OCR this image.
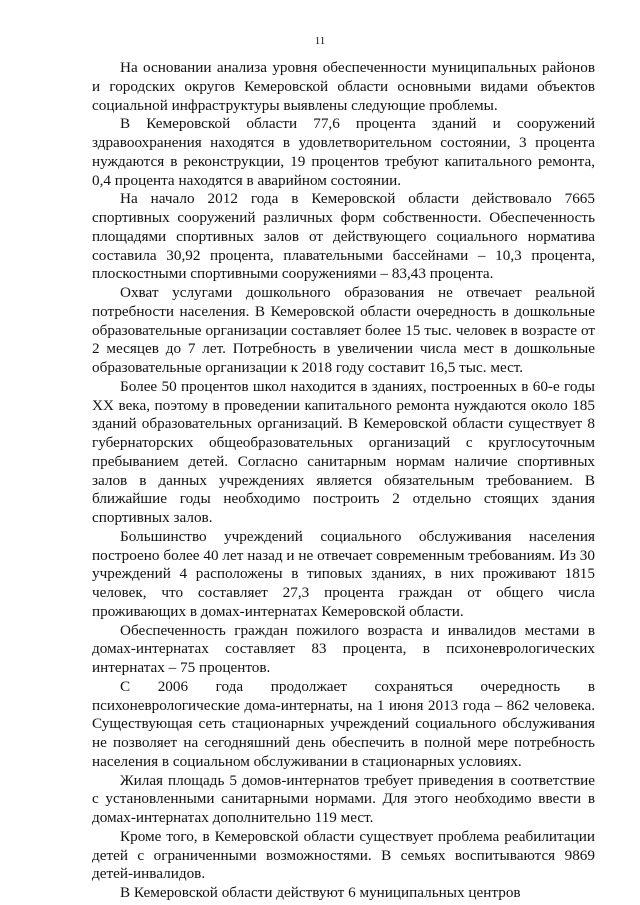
11

На основании анализа уровня обеспеченности муниципальных районов и городских округов Кемеровской области основными видами объектов социальной инфраструктуры выявлены следующие проблемы.

В Кемеровской области 77,6 процента зданий и сооружений здравоохранения находятся в удовлетворительном состоянии, 3 процента нуждаются в реконструкции, 19 процентов требуют капитального ремонта, 0,4 процента находятся в аварийном состоянии.

На начало 2012 года в Кемеровской области действовало 7665 спортивных сооружений различных форм собственности. Обеспеченность площадями спортивных залов от действующего социального норматива составила 30,92 процента, плавательными бассейнами – 10,3 процента, плоскостными спортивными сооружениями – 83,43 процента.

Охват услугами дошкольного образования не отвечает реальной потребности населения. В Кемеровской области очередность в дошкольные образовательные организации составляет более 15 тыс. человек в возрасте от 2 месяцев до 7 лет. Потребность в увеличении числа мест в дошкольные образовательные организации к 2018 году составит 16,5 тыс. мест.

Более 50 процентов школ находится в зданиях, построенных в 60-е годы XX века, поэтому в проведении капитального ремонта нуждаются около 185 зданий образовательных организаций. В Кемеровской области существует 8 губернаторских общеобразовательных организаций с круглосуточным пребыванием детей. Согласно санитарным нормам наличие спортивных залов в данных учреждениях является обязательным требованием. В ближайшие годы необходимо построить 2 отдельно стоящих здания спортивных залов.

Большинство учреждений социального обслуживания населения построено более 40 лет назад и не отвечает современным требованиям. Из 30 учреждений 4 расположены в типовых зданиях, в них проживают 1815 человек, что составляет 27,3 процента граждан от общего числа проживающих в домах-интернатах Кемеровской области.

Обеспеченность граждан пожилого возраста и инвалидов местами в домах-интернатах составляет 83 процента, в психоневрологических интернатах – 75 процентов.

С 2006 года продолжает сохраняться очередность в психоневрологические дома-интернаты, на 1 июня 2013 года – 862 человека. Существующая сеть стационарных учреждений социального обслуживания не позволяет на сегодняшний день обеспечить в полной мере потребность населения в социальном обслуживании в стационарных условиях.

Жилая площадь 5 домов-интернатов требует приведения в соответствие с установленными санитарными нормами. Для этого необходимо ввести в домах-интернатах дополнительно 119 мест.

Кроме того, в Кемеровской области существует проблема реабилитации детей с ограниченными возможностями. В семьях воспитываются 9869 детей-инвалидов.

В Кемеровской области действуют 6 муниципальных центров
